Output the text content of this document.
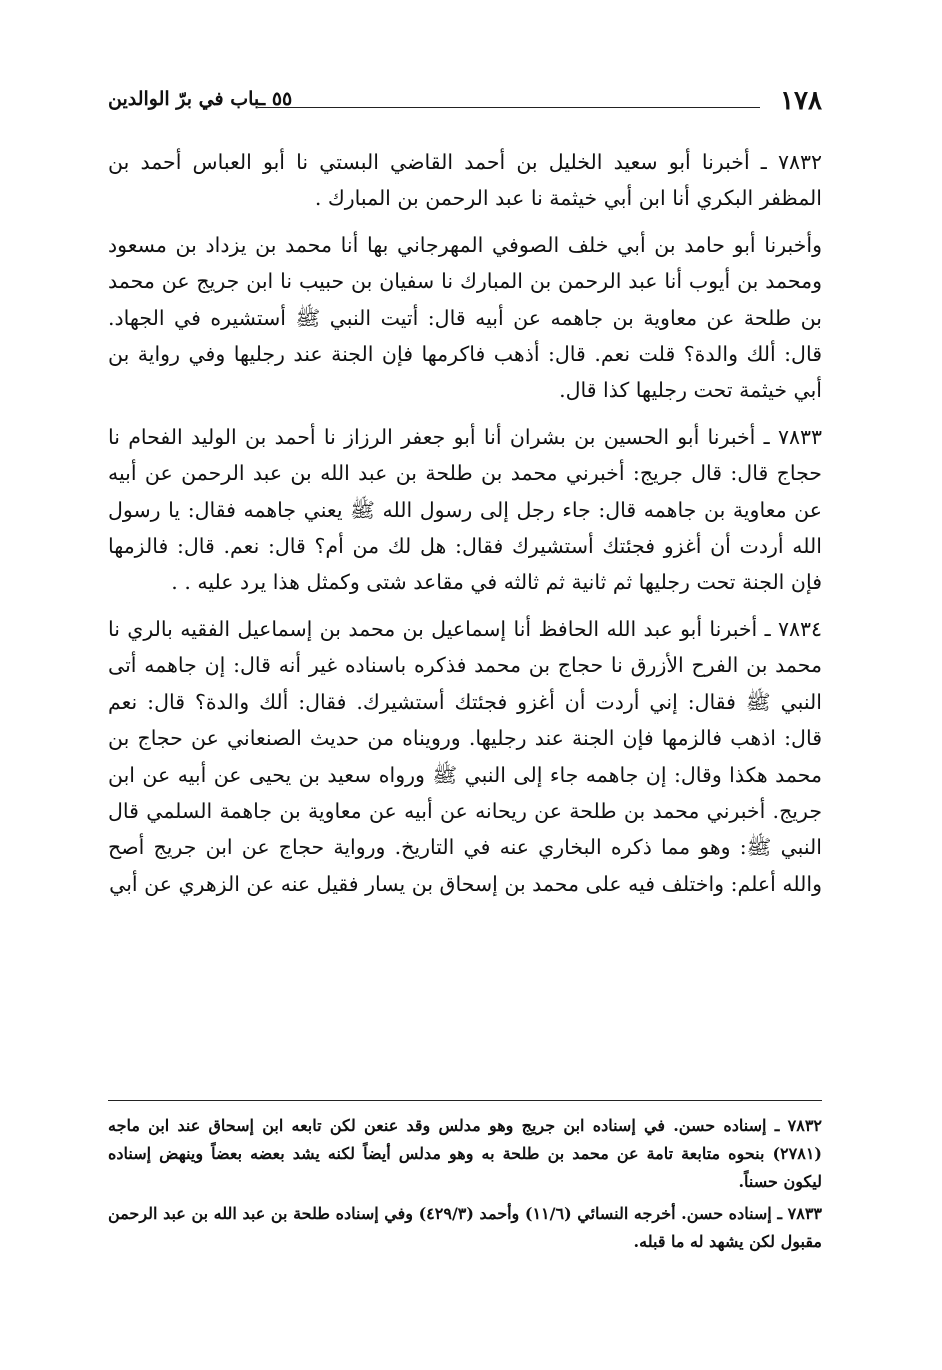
١٧٨
٥٥ ـباب في برّ الوالدين

٧٨٣٢ ـ أخبرنا أبو سعيد الخليل بن أحمد القاضي البستي نا أبو العباس أحمد بن المظفر البكري أنا ابن أبي خيثمة نا عبد الرحمن بن المبارك .

وأخبرنا أبو حامد بن أبي خلف الصوفي المهرجاني بها أنا محمد بن يزداد بن مسعود ومحمد بن أيوب أنا عبد الرحمن بن المبارك نا سفيان بن حبيب نا ابن جريج عن محمد بن طلحة عن معاوية بن جاهمه عن أبيه قال: أتيت النبي ﷺ أستشيره في الجهاد. قال: ألك والدة؟ قلت نعم. قال: أذهب فاكرمها فإن الجنة عند رجليها وفي رواية بن أبي خيثمة تحت رجليها كذا قال.

٧٨٣٣ ـ أخبرنا أبو الحسين بن بشران أنا أبو جعفر الرزاز نا أحمد بن الوليد الفحام نا حجاج قال: قال جريج: أخبرني محمد بن طلحة بن عبد الله بن عبد الرحمن عن أبيه عن معاوية بن جاهمه قال: جاء رجل إلى رسول الله ﷺ يعني جاهمه فقال: يا رسول الله أردت أن أغزو فجئتك أستشيرك فقال: هل لك من أم؟ قال: نعم. قال: فالزمها فإن الجنة تحت رجليها ثم ثانية ثم ثالثه في مقاعد شتى وكمثل هذا يرد عليه . .

٧٨٣٤ ـ أخبرنا أبو عبد الله الحافظ أنا إسماعيل بن محمد بن إسماعيل الفقيه بالري نا محمد بن الفرح الأزرق نا حجاج بن محمد فذكره باسناده غير أنه قال: إن جاهمه أتى النبي ﷺ فقال: إني أردت أن أغزو فجئتك أستشيرك. فقال: ألك والدة؟ قال: نعم قال: اذهب فالزمها فإن الجنة عند رجليها. ورويناه من حديث الصنعاني عن حجاج بن محمد هكذا وقال: إن جاهمه جاء إلى النبي ﷺ ورواه سعيد بن يحيى عن أبيه عن ابن جريج. أخبرني محمد بن طلحة عن ريحانه عن أبيه عن معاوية بن جاهمة السلمي قال النبي ﷺ: وهو مما ذكره البخاري عنه في التاريخ. ورواية حجاج عن ابن جريج أصح والله أعلم: واختلف فيه على محمد بن إسحاق بن يسار فقيل عنه عن الزهري عن أبي

٧٨٣٢ ـ إسناده حسن. في إسناده ابن جريج وهو مدلس وقد عنعن لكن تابعه ابن إسحاق عند ابن ماجه (٢٧٨١) بنحوه متابعة تامة عن محمد بن طلحة به وهو مدلس أيضاً لكنه يشد بعضه بعضاً وينهض إسناده ليكون حسناً.

٧٨٣٣ ـ إسناده حسن. أخرجه النسائي (١١/٦) وأحمد (٤٢٩/٣) وفي إسناده طلحة بن عبد الله بن عبد الرحمن مقبول لكن يشهد له ما قبله.
